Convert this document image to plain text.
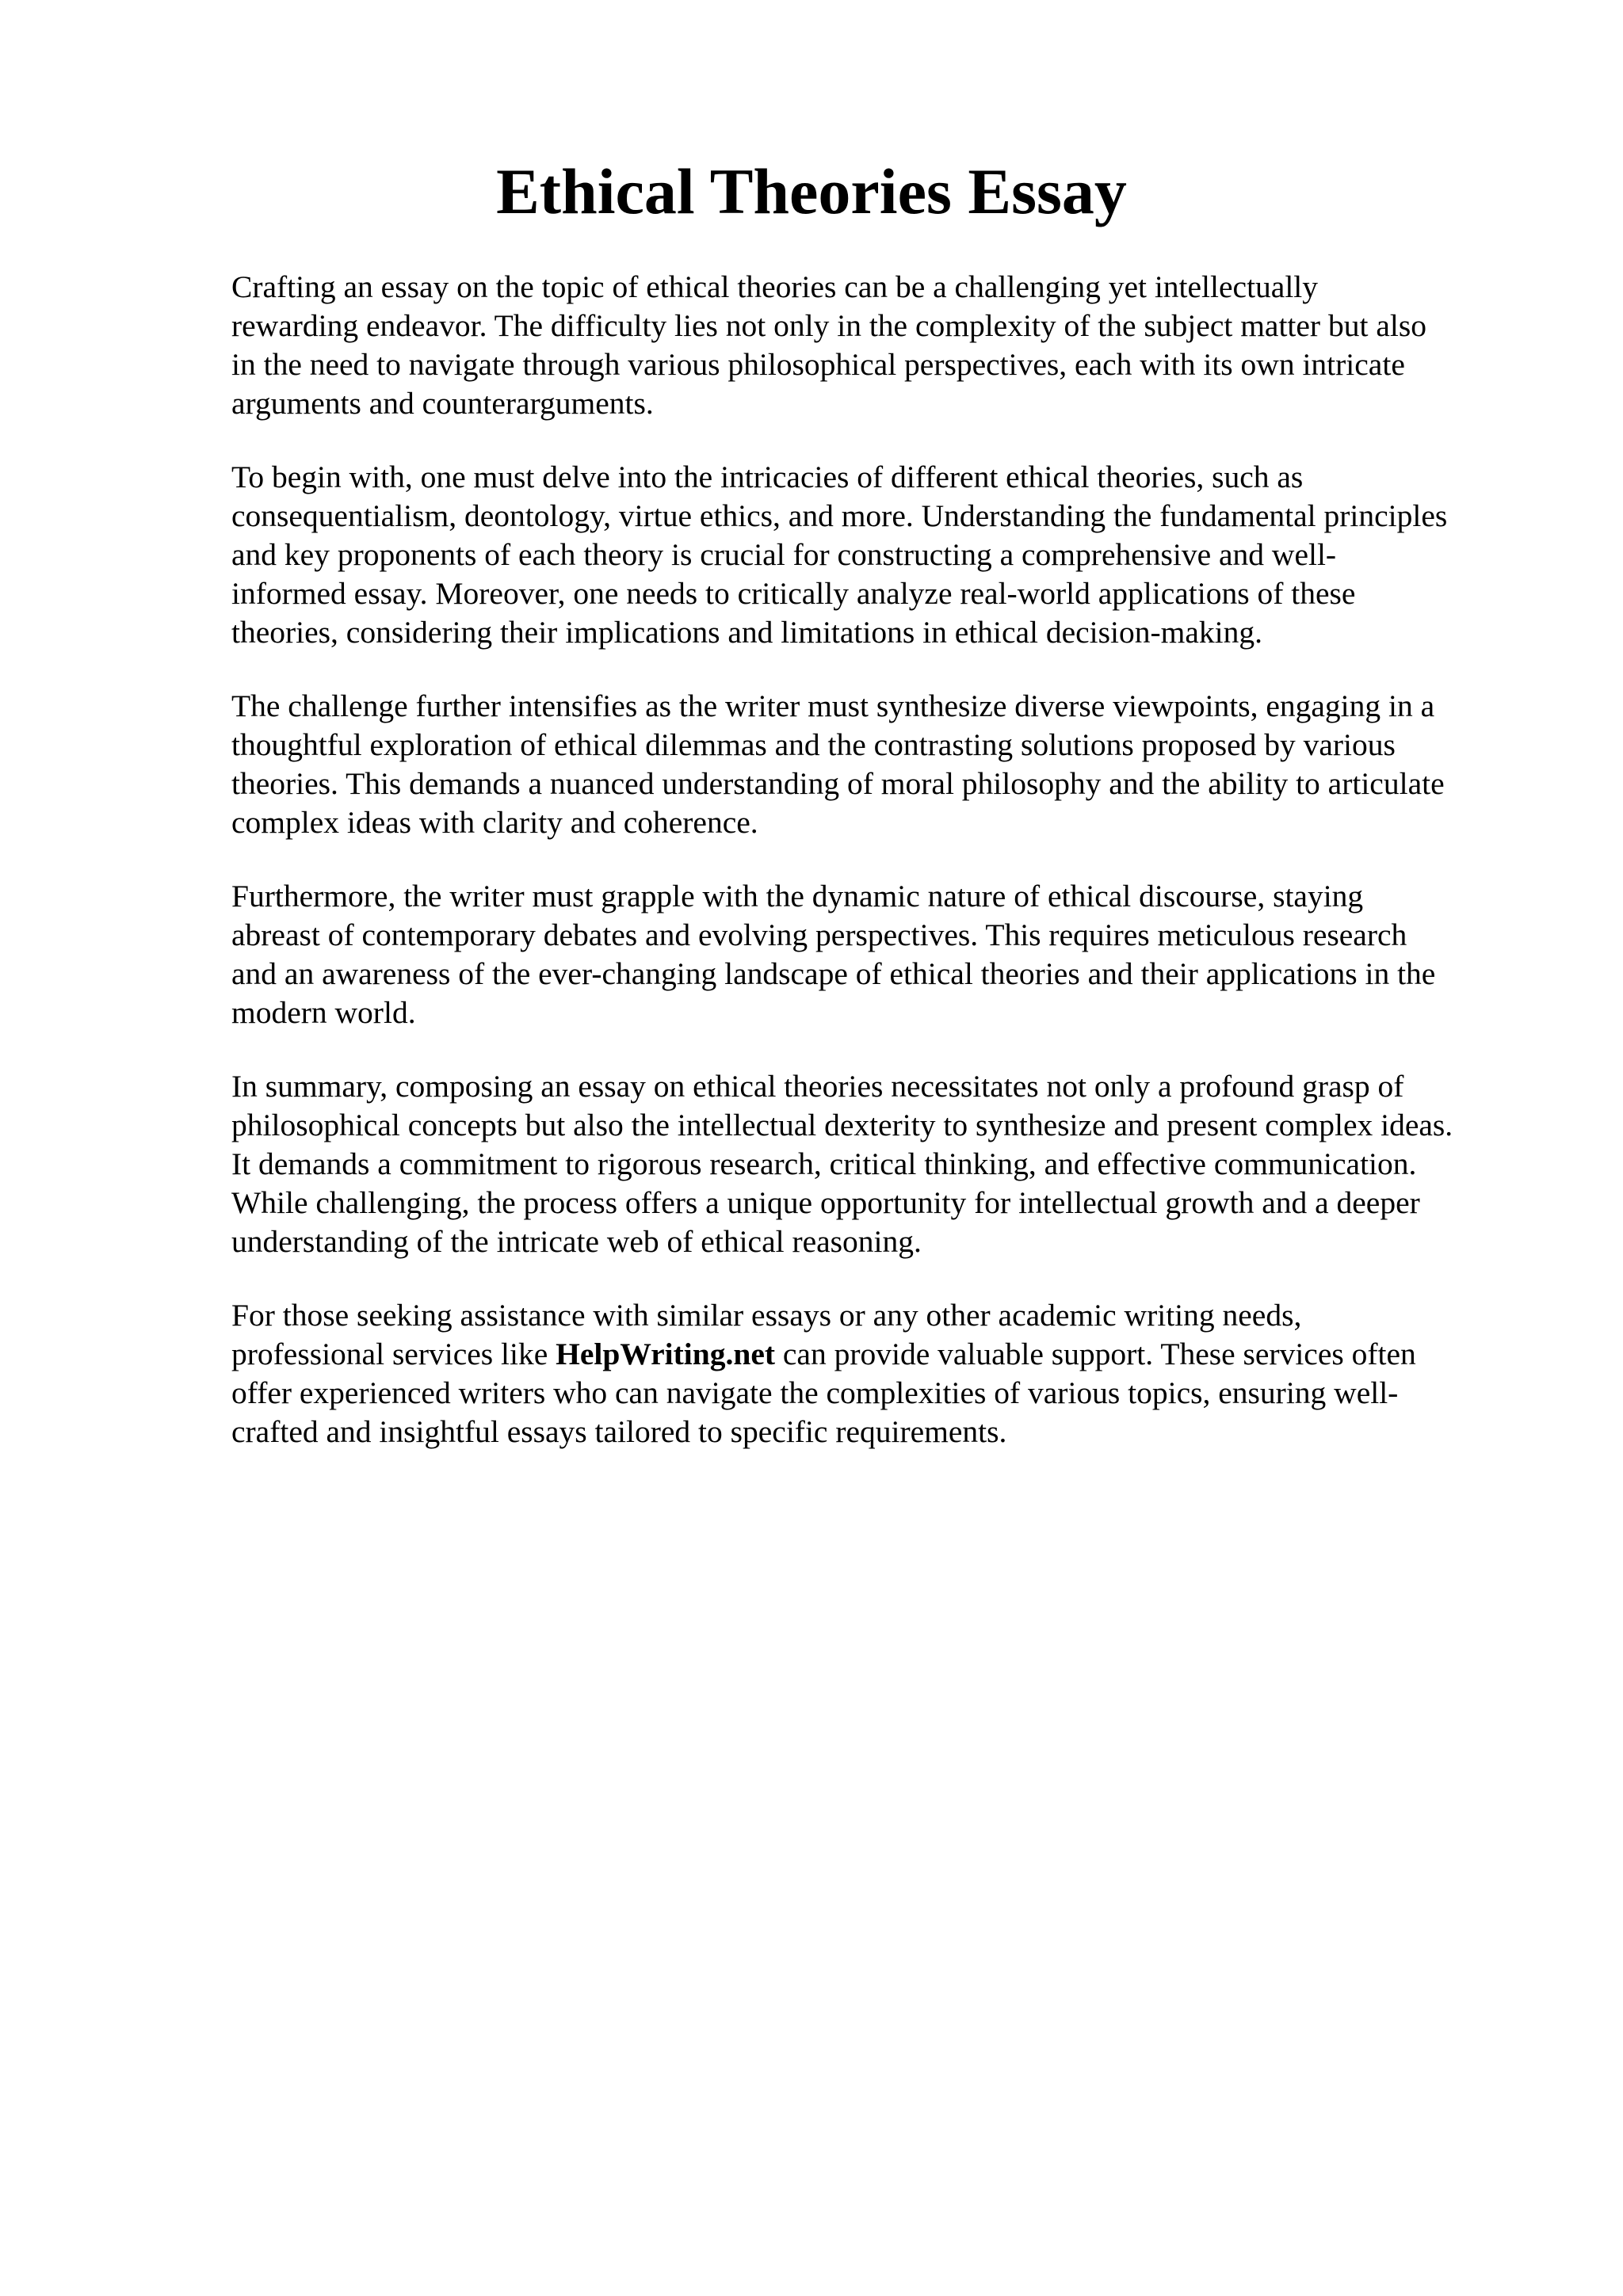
Ethical Theories Essay

Crafting an essay on the topic of ethical theories can be a challenging yet intellectually
rewarding endeavor. The difficulty lies not only in the complexity of the subject matter but also
in the need to navigate through various philosophical perspectives, each with its own intricate
arguments and counterarguments.

To begin with, one must delve into the intricacies of different ethical theories, such as
consequentialism, deontology, virtue ethics, and more. Understanding the fundamental principles
and key proponents of each theory is crucial for constructing a comprehensive and well-
informed essay. Moreover, one needs to critically analyze real-world applications of these
theories, considering their implications and limitations in ethical decision-making.

The challenge further intensifies as the writer must synthesize diverse viewpoints, engaging in a
thoughtful exploration of ethical dilemmas and the contrasting solutions proposed by various
theories. This demands a nuanced understanding of moral philosophy and the ability to articulate
complex ideas with clarity and coherence.

Furthermore, the writer must grapple with the dynamic nature of ethical discourse, staying
abreast of contemporary debates and evolving perspectives. This requires meticulous research
and an awareness of the ever-changing landscape of ethical theories and their applications in the
modern world.

In summary, composing an essay on ethical theories necessitates not only a profound grasp of
philosophical concepts but also the intellectual dexterity to synthesize and present complex ideas.
It demands a commitment to rigorous research, critical thinking, and effective communication.
While challenging, the process offers a unique opportunity for intellectual growth and a deeper
understanding of the intricate web of ethical reasoning.

For those seeking assistance with similar essays or any other academic writing needs,
professional services like HelpWriting.net can provide valuable support. These services often
offer experienced writers who can navigate the complexities of various topics, ensuring well-
crafted and insightful essays tailored to specific requirements.
